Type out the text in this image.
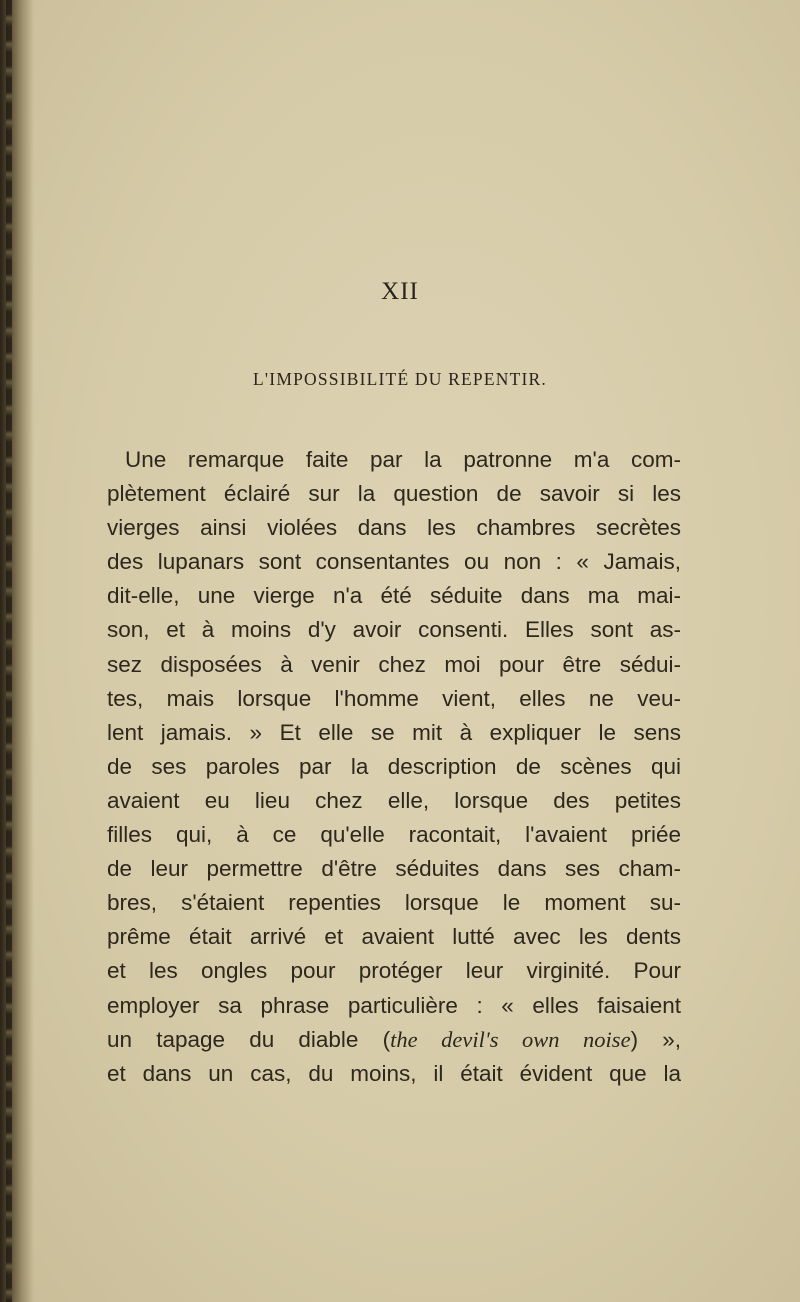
XII
L'IMPOSSIBILITÉ DU REPENTIR.
Une remarque faite par la patronne m'a com-
plètement éclairé sur la question de savoir si les
vierges ainsi violées dans les chambres secrètes
des lupanars sont consentantes ou non : « Jamais,
dit-elle, une vierge n'a été séduite dans ma mai-
son, et à moins d'y avoir consenti. Elles sont as-
sez disposées à venir chez moi pour être sédui-
tes, mais lorsque l'homme vient, elles ne veu-
lent jamais. » Et elle se mit à expliquer le sens
de ses paroles par la description de scènes qui
avaient eu lieu chez elle, lorsque des petites
filles qui, à ce qu'elle racontait, l'avaient priée
de leur permettre d'être séduites dans ses cham-
bres, s'étaient repenties lorsque le moment su-
prême était arrivé et avaient lutté avec les dents
et les ongles pour protéger leur virginité. Pour
employer sa phrase particulière : « elles faisaient
un tapage du diable (the devil's own noise) »,
et dans un cas, du moins, il était évident que la
